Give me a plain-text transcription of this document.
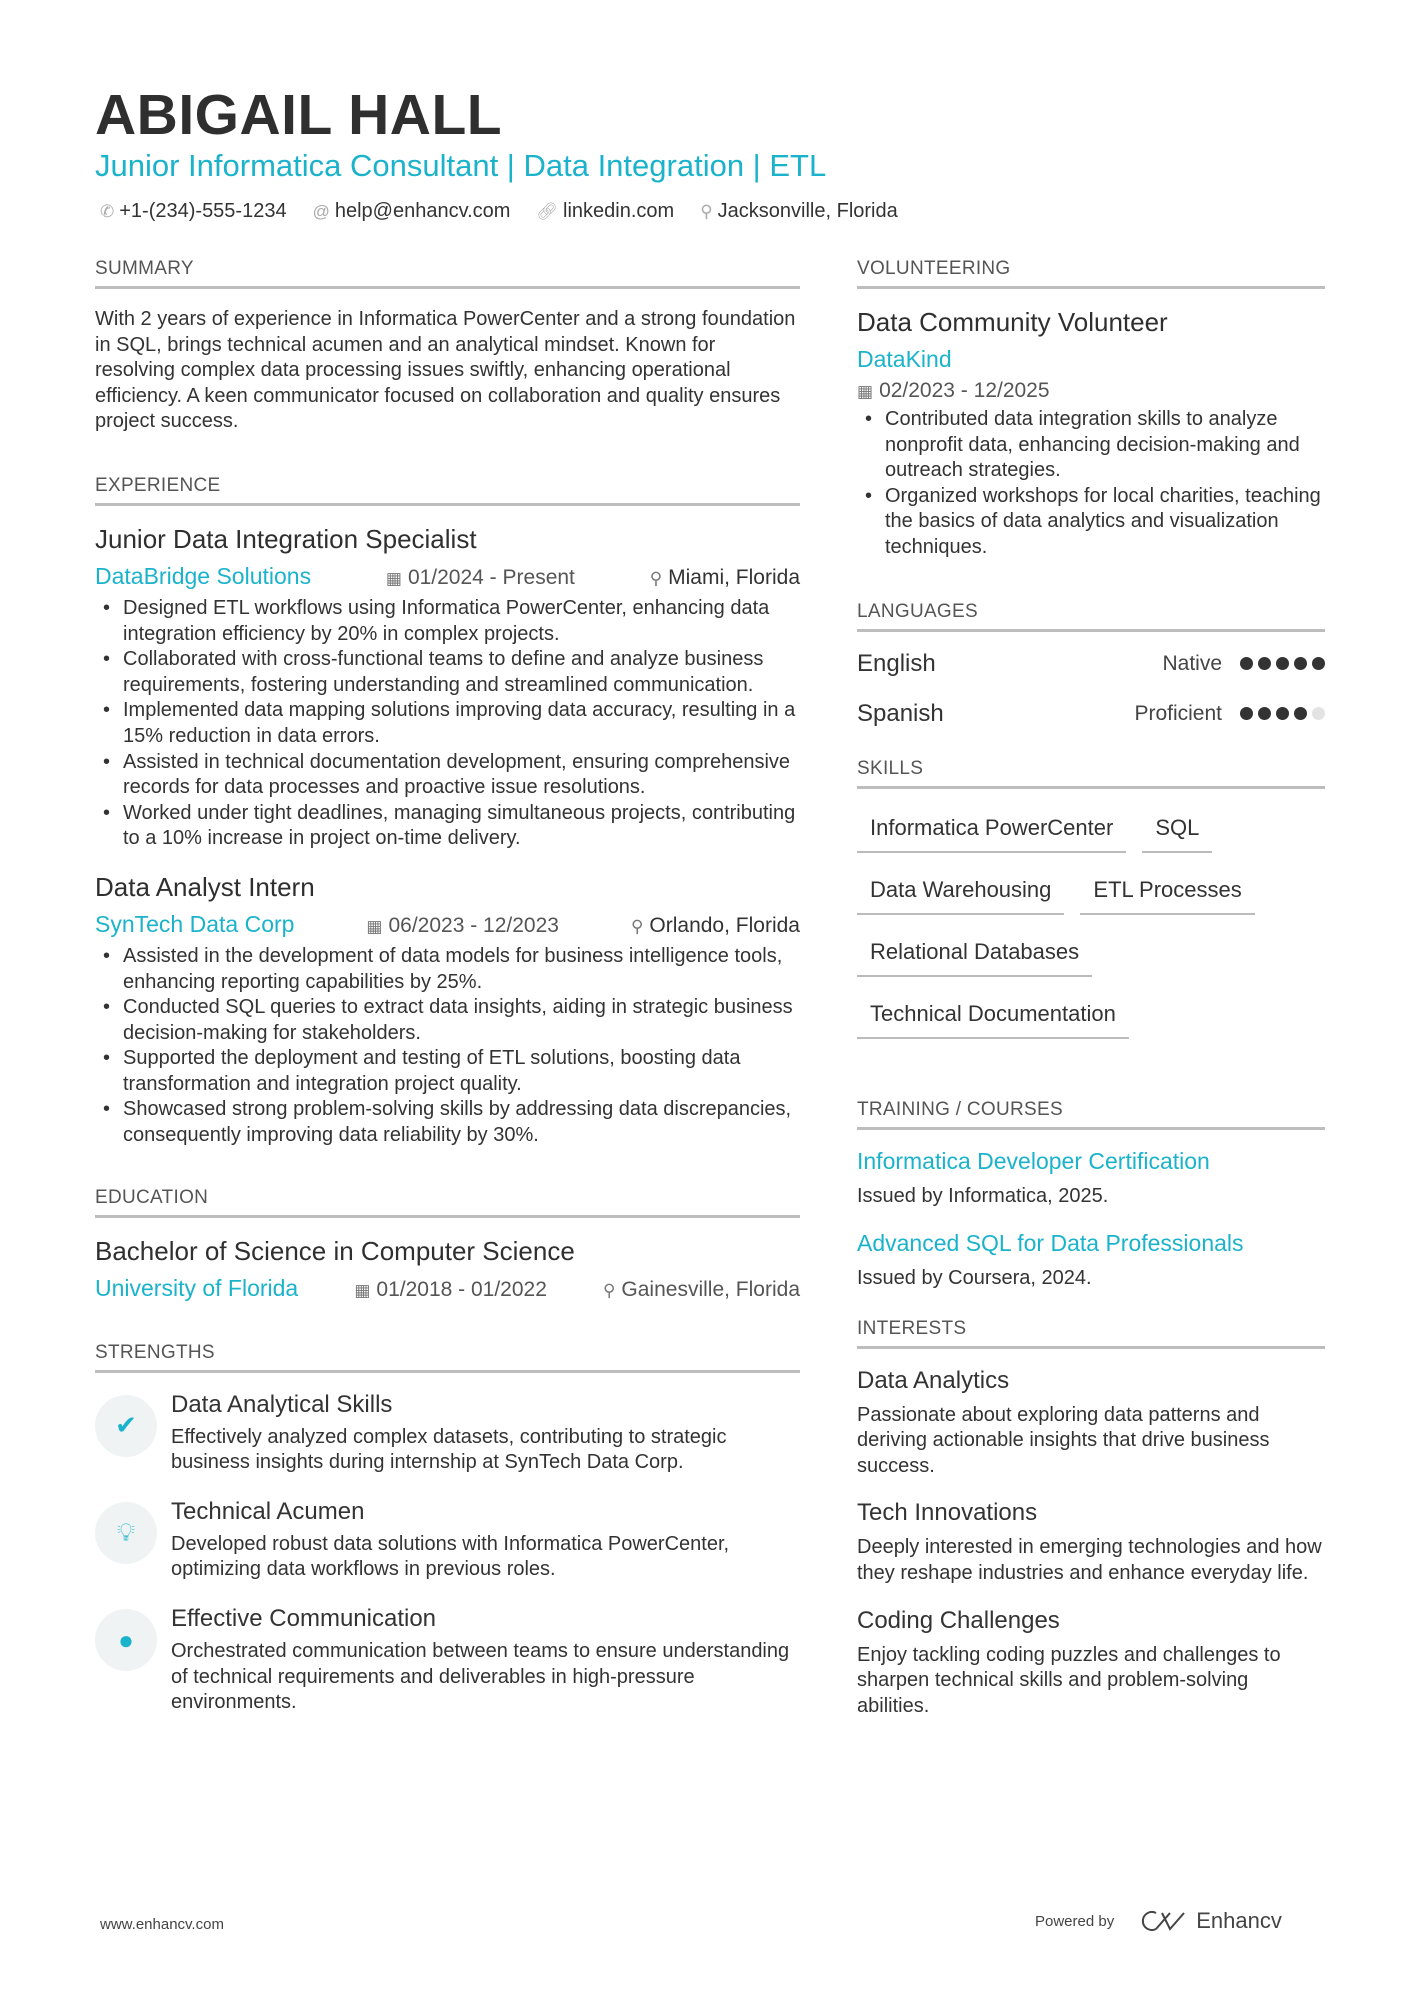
ABIGAIL HALL
Junior Informatica Consultant | Data Integration | ETL
✆ +1-(234)-555-1234 @ help@enhancv.com 🔗︎ linkedin.com ⚲ Jacksonville, Florida
SUMMARY
With 2 years of experience in Informatica PowerCenter and a strong foundation in SQL, brings technical acumen and an analytical mindset. Known for resolving complex data processing issues swiftly, enhancing operational efficiency. A keen communicator focused on collaboration and quality ensures project success.
EXPERIENCE
Junior Data Integration Specialist
DataBridge Solutions	▦ 01/2024 - Present	⚲ Miami, Florida
• Designed ETL workflows using Informatica PowerCenter, enhancing data integration efficiency by 20% in complex projects.
• Collaborated with cross-functional teams to define and analyze business requirements, fostering understanding and streamlined communication.
• Implemented data mapping solutions improving data accuracy, resulting in a 15% reduction in data errors.
• Assisted in technical documentation development, ensuring comprehensive records for data processes and proactive issue resolutions.
• Worked under tight deadlines, managing simultaneous projects, contributing to a 10% increase in project on-time delivery.
Data Analyst Intern
SynTech Data Corp	▦ 06/2023 - 12/2023	⚲ Orlando, Florida
• Assisted in the development of data models for business intelligence tools, enhancing reporting capabilities by 25%.
• Conducted SQL queries to extract data insights, aiding in strategic business decision-making for stakeholders.
• Supported the deployment and testing of ETL solutions, boosting data transformation and integration project quality.
• Showcased strong problem-solving skills by addressing data discrepancies, consequently improving data reliability by 30%.
EDUCATION
Bachelor of Science in Computer Science
University of Florida	▦ 01/2018 - 01/2022	⚲ Gainesville, Florida
STRENGTHS
✔
Data Analytical Skills
Effectively analyzed complex datasets, contributing to strategic business insights during internship at SynTech Data Corp.
💡︎
Technical Acumen
Developed robust data solutions with Informatica PowerCenter, optimizing data workflows in previous roles.
●
Effective Communication
Orchestrated communication between teams to ensure understanding of technical requirements and deliverables in high-pressure environments.
VOLUNTEERING
Data Community Volunteer
DataKind
▦ 02/2023 - 12/2025
• Contributed data integration skills to analyze nonprofit data, enhancing decision-making and outreach strategies.
• Organized workshops for local charities, teaching the basics of data analytics and visualization techniques.
LANGUAGES
English	Native
Spanish	Proficient
SKILLS
Informatica PowerCenter	SQL
Data Warehousing	ETL Processes
Relational Databases
Technical Documentation
TRAINING / COURSES
Informatica Developer Certification
Issued by Informatica, 2025.
Advanced SQL for Data Professionals
Issued by Coursera, 2024.
INTERESTS
Data Analytics
Passionate about exploring data patterns and deriving actionable insights that drive business success.
Tech Innovations
Deeply interested in emerging technologies and how they reshape industries and enhance everyday life.
Coding Challenges
Enjoy tackling coding puzzles and challenges to sharpen technical skills and problem-solving abilities.
www.enhancv.com	Powered by	Enhancv
